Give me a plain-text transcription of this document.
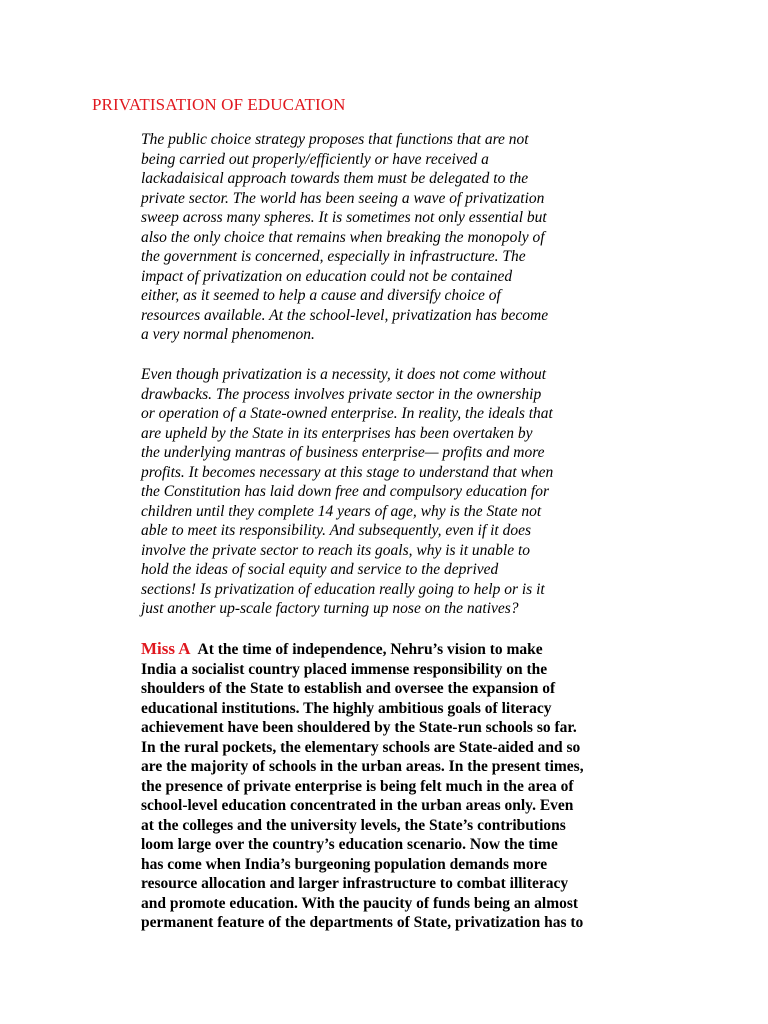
PRIVATISATION OF EDUCATION
The public choice strategy proposes that functions that are not
being carried out properly/efficiently or have received a
lackadaisical approach towards them must be delegated to the
private sector. The world has been seeing a wave of privatization
sweep across many spheres. It is sometimes not only essential but
also the only choice that remains when breaking the monopoly of
the government is concerned, especially in infrastructure. The
impact of privatization on education could not be contained
either, as it seemed to help a cause and diversify choice of
resources available. At the school-level, privatization has become
a very normal phenomenon.
Even though privatization is a necessity, it does not come without
drawbacks. The process involves private sector in the ownership
or operation of a State-owned enterprise. In reality, the ideals that
are upheld by the State in its enterprises has been overtaken by
the underlying mantras of business enterprise— profits and more
profits. It becomes necessary at this stage to understand that when
the Constitution has laid down free and compulsory education for
children until they complete 14 years of age, why is the State not
able to meet its responsibility. And subsequently, even if it does
involve the private sector to reach its goals, why is it unable to
hold the ideas of social equity and service to the deprived
sections! Is privatization of education really going to help or is it
just another up-scale factory turning up nose on the natives?
Miss A At the time of independence, Nehru’s vision to make
India a socialist country placed immense responsibility on the
shoulders of the State to establish and oversee the expansion of
educational institutions. The highly ambitious goals of literacy
achievement have been shouldered by the State-run schools so far.
In the rural pockets, the elementary schools are State-aided and so
are the majority of schools in the urban areas. In the present times,
the presence of private enterprise is being felt much in the area of
school-level education concentrated in the urban areas only. Even
at the colleges and the university levels, the State’s contributions
loom large over the country’s education scenario. Now the time
has come when India’s burgeoning population demands more
resource allocation and larger infrastructure to combat illiteracy
and promote education. With the paucity of funds being an almost
permanent feature of the departments of State, privatization has to
